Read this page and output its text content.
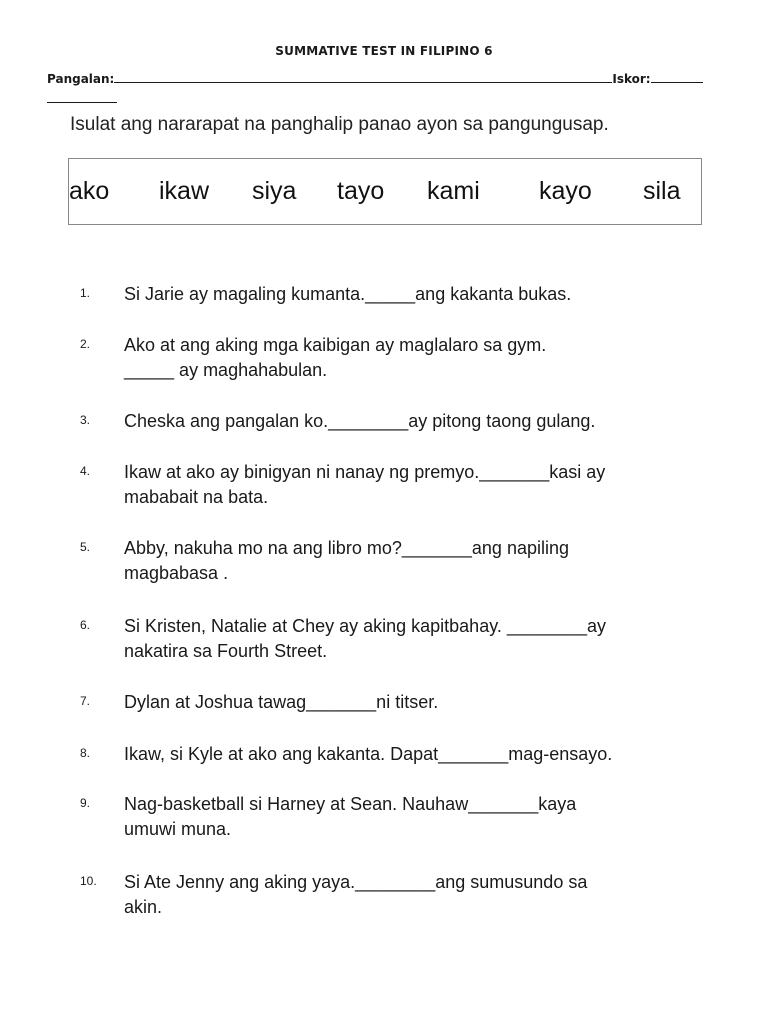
SUMMATIVE TEST IN FILIPINO 6
Pangalan:	Iskor:
Isulat ang nararapat na panghalip panao ayon sa pangungusap.
ako ikaw siya tayo kami kayo sila
1. Si Jarie ay magaling kumanta._____ang kakanta bukas.
2. Ako at ang aking mga kaibigan ay maglalaro sa gym.
_____ ay maghahabulan.
3. Cheska ang pangalan ko.________ay pitong taong gulang.
4. Ikaw at ako ay binigyan ni nanay ng premyo._______kasi ay
mababait na bata.
5. Abby, nakuha mo na ang libro mo?_______ang napiling
magbabasa .
6. Si Kristen, Natalie at Chey ay aking kapitbahay. ________ay
nakatira sa Fourth Street.
7. Dylan at Joshua tawag_______ni titser.
8. Ikaw, si Kyle at ako ang kakanta. Dapat_______mag-ensayo.
9. Nag-basketball si Harney at Sean. Nauhaw_______kaya
umuwi muna.
10. Si Ate Jenny ang aking yaya.________ang sumusundo sa
akin.
